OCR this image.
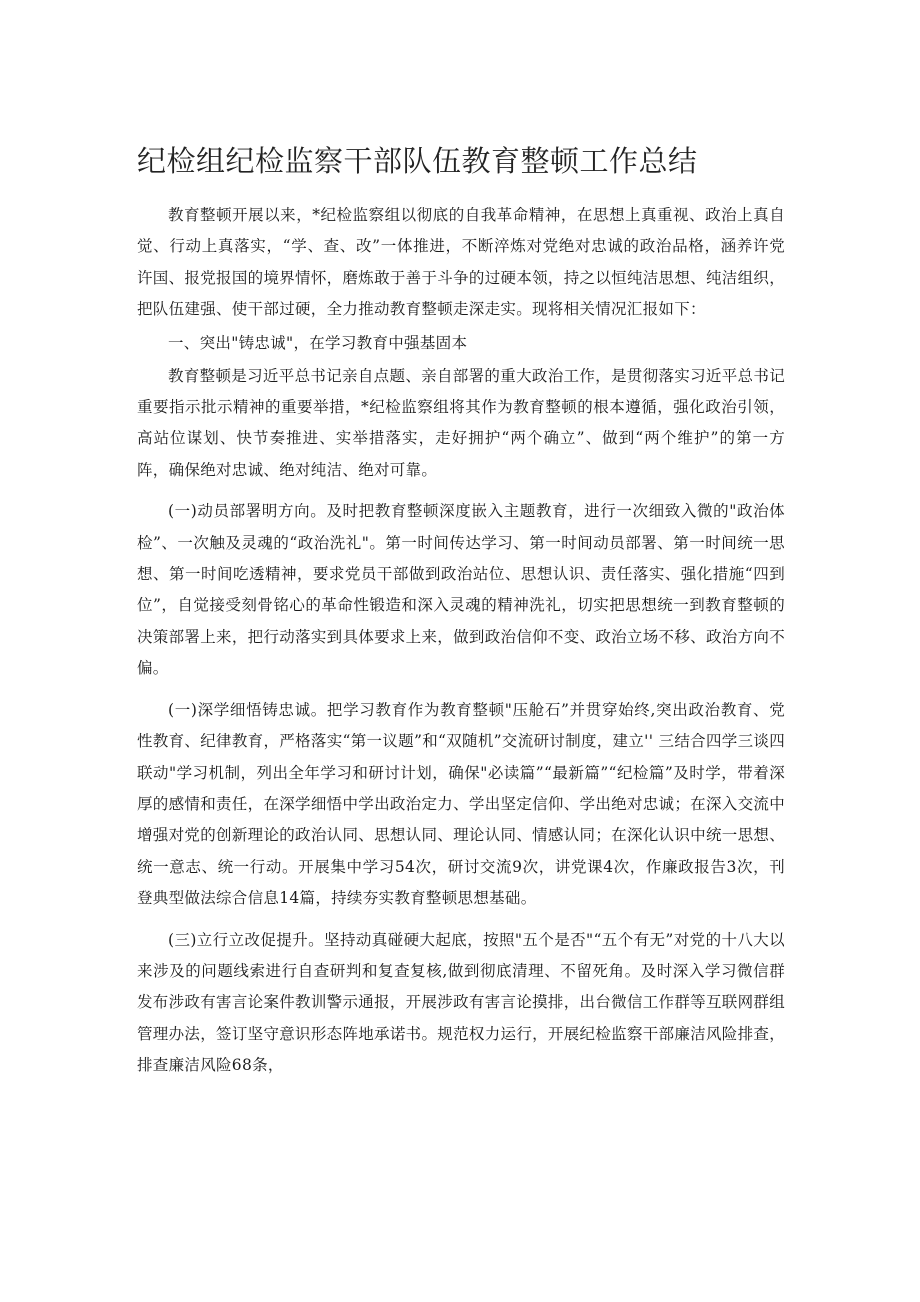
纪检组纪检监察干部队伍教育整顿工作总结

教育整顿开展以来，*纪检监察组以彻底的自我革命精神，在思想上真重视、政治上真自觉、行动上真落实，“学、查、改”一体推进，不断淬炼对党绝对忠诚的政治品格，涵养许党许国、报党报国的境界情怀，磨炼敢于善于斗争的过硬本领，持之以恒纯洁思想、纯洁组织，把队伍建强、使干部过硬，全力推动教育整顿走深走实。现将相关情况汇报如下：

一、突出"铸忠诚"，在学习教育中强基固本

教育整顿是习近平总书记亲自点题、亲自部署的重大政治工作，是贯彻落实习近平总书记重要指示批示精神的重要举措，*纪检监察组将其作为教育整顿的根本遵循，强化政治引领，高站位谋划、快节奏推进、实举措落实，走好拥护“两个确立”、做到“两个维护”的第一方阵，确保绝对忠诚、绝对纯洁、绝对可靠。

(一)动员部署明方向。及时把教育整顿深度嵌入主题教育，进行一次细致入微的"政治体检”、一次触及灵魂的“政治洗礼"。第一时间传达学习、第一时间动员部署、第一时间统一思想、第一时间吃透精神，要求党员干部做到政治站位、思想认识、责任落实、强化措施“四到位”，自觉接受刻骨铭心的革命性锻造和深入灵魂的精神洗礼，切实把思想统一到教育整顿的决策部署上来，把行动落实到具体要求上来，做到政治信仰不变、政治立场不移、政治方向不偏。

(一)深学细悟铸忠诚。把学习教育作为教育整顿"压舱石”并贯穿始终,突出政治教育、党性教育、纪律教育，严格落实“第一议题”和“双随机”交流研讨制度，建立'' 三结合四学三谈四联动"学习机制，列出全年学习和研讨计划，确保"必读篇”“最新篇”“纪检篇”及时学，带着深厚的感情和责任，在深学细悟中学出政治定力、学出坚定信仰、学出绝对忠诚；在深入交流中增强对党的创新理论的政治认同、思想认同、理论认同、情感认同；在深化认识中统一思想、统一意志、统一行动。开展集中学习54次，研讨交流9次，讲党课4次，作廉政报告3次，刊登典型做法综合信息14篇，持续夯实教育整顿思想基础。

(三)立行立改促提升。坚持动真碰硬大起底，按照"五个是否"“五个有无”对党的十八大以来涉及的问题线索进行自查研判和复查复核,做到彻底清理、不留死角。及时深入学习微信群发布涉政有害言论案件教训警示通报，开展涉政有害言论摸排，出台微信工作群等互联网群组管理办法，签订坚守意识形态阵地承诺书。规范权力运行，开展纪检监察干部廉洁风险排查，排查廉洁风险68条，
